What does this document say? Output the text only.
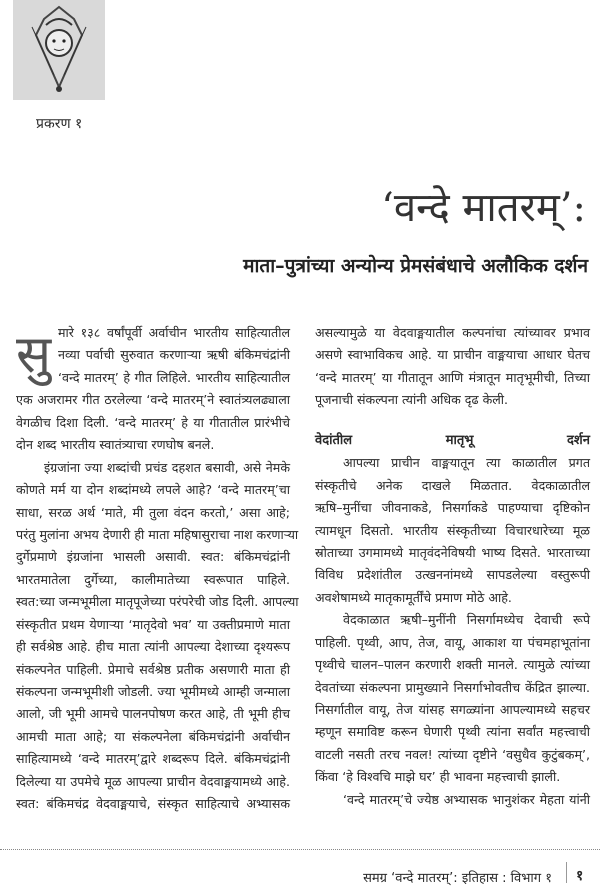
प्रकरण १
‘वन्दे मातरम्’:
माता–पुत्रांच्या अन्योन्य प्रेमसंबंधाचे अलौकिक दर्शन
सु मारे १३८ वर्षांपूर्वी अर्वाचीन भारतीय साहित्यातील
नव्या पर्वाची सुरुवात करणाऱ्या ऋषी बंकिमचंद्रांनी
‘वन्दे मातरम्’ हे गीत लिहिले. भारतीय साहित्यातील
एक अजरामर गीत ठरलेल्या ‘वन्दे मातरम्’ने स्वातंत्र्यलढ्याला
वेगळीच दिशा दिली. ‘वन्दे मातरम्’ हे या गीतातील प्रारंभीचे
दोन शब्द भारतीय स्वातंत्र्याचा रणघोष बनले.
इंग्रजांना ज्या शब्दांची प्रचंड दहशत बसावी, असे नेमके
कोणते मर्म या दोन शब्दांमध्ये लपले आहे? ‘वन्दे मातरम्’चा
साधा, सरळ अर्थ ‘माते, मी तुला वंदन करतो,’ असा आहे;
परंतु मुलांना अभय देणारी ही माता महिषासुराचा नाश करणाऱ्या
दुर्गेप्रमाणे इंग्रजांना भासली असावी. स्वत: बंकिमचंद्रांनी
भारतमातेला दुर्गेच्या, कालीमातेच्या स्वरूपात पाहिले.
स्वत:च्या जन्मभूमीला मातृपूजेच्या परंपरेची जोड दिली. आपल्या
संस्कृतीत प्रथम येणाऱ्या ‘मातृदेवो भव’ या उक्तीप्रमाणे माता
ही सर्वश्रेष्ठ आहे. हीच माता त्यांनी आपल्या देशाच्या दृश्यरूप
संकल्पनेत पाहिली. प्रेमाचे सर्वश्रेष्ठ प्रतीक असणारी माता ही
संकल्पना जन्मभूमीशी जोडली. ज्या भूमीमध्ये आम्ही जन्माला
आलो, जी भूमी आमचे पालनपोषण करत आहे, ती भूमी हीच
आमची माता आहे; या संकल्पनेला बंकिमचंद्रांनी अर्वाचीन
साहित्यामध्ये ‘वन्दे मातरम्’द्वारे शब्दरूप दिले. बंकिमचंद्रांनी
दिलेल्या या उपमेचे मूळ आपल्या प्राचीन वेदवाङ्मयामध्ये आहे.
स्वत: बंकिमचंद्र वेदवाङ्मयाचे, संस्कृत साहित्याचे अभ्यासक
असल्यामुळे या वेदवाङ्मयातील कल्पनांचा त्यांच्यावर प्रभाव
असणे स्वाभाविकच आहे. या प्राचीन वाङ्मयाचा आधार घेतच
‘वन्दे मातरम्’ या गीतातून आणि मंत्रातून मातृभूमीची, तिच्या
पूजनाची संकल्पना त्यांनी अधिक दृढ केली.
वेदांतील मातृभू दर्शन
आपल्या प्राचीन वाङ्मयातून त्या काळातील प्रगत
संस्कृतीचे अनेक दाखले मिळतात. वेदकाळातील
ऋषि–मुनींचा जीवनाकडे, निसर्गाकडे पाहण्याचा दृष्टिकोन
त्यामधून दिसतो. भारतीय संस्कृतीच्या विचारधारेच्या मूळ
स्रोताच्या उगमामध्ये मातृवंदनेविषयी भाष्य दिसते. भारताच्या
विविध प्रदेशांतील उत्खननांमध्ये सापडलेल्या वस्तुरूपी
अवशेषामध्ये मातृकामूर्तींचे प्रमाण मोठे आहे.
वेदकाळात ऋषी–मुनींनी निसर्गामध्येच देवाची रूपे
पाहिली. पृथ्वी, आप, तेज, वायू, आकाश या पंचमहाभूतांना
पृथ्वीचे चालन–पालन करणारी शक्ती मानले. त्यामुळे त्यांच्या
देवतांच्या संकल्पना प्रामुख्याने निसर्गाभोवतीच केंद्रित झाल्या.
निसर्गातील वायू, तेज यांसह सगळ्यांना आपल्यामध्ये सहचर
म्हणून समाविष्ट करून घेणारी पृथ्वी त्यांना सर्वांत महत्त्वाची
वाटली नसती तरच नवल! त्यांच्या दृष्टीने ‘वसुधैव कुटुंबकम्’,
किंवा ‘हे विश्वचि माझे घर’ ही भावना महत्त्वाची झाली.
‘वन्दे मातरम्’चे ज्येष्ठ अभ्यासक भानुशंकर मेहता यांनी
समग्र ‘वन्दे मातरम्’: इतिहास : विभाग १ १
